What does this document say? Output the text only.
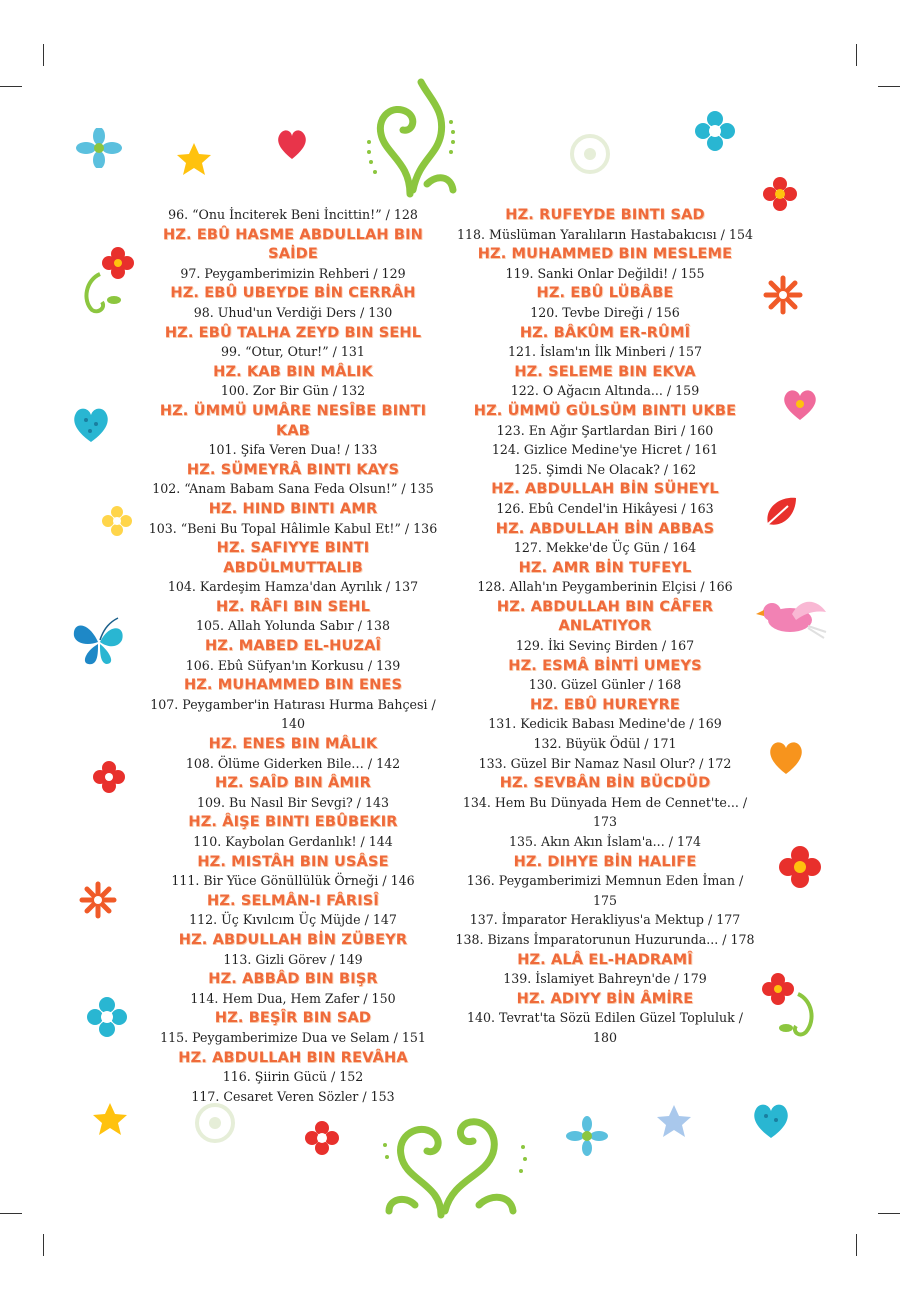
96. “Onu İnciterek Beni İncittin!” / 128
HZ. EBÛ HASME ABDULLAH BIN SAİDE
97. Peygamberimizin Rehberi / 129
HZ. EBÛ UBEYDE BİN CERRÂH
98. Uhud'un Verdiği Ders / 130
HZ. EBÛ TALHA ZEYD BIN SEHL
99. “Otur, Otur!” / 131
HZ. KAB BIN MÂLIK
100. Zor Bir Gün / 132
HZ. ÜMMÜ UMÂRE NESÎBE BINTI KAB
101. Şifa Veren Dua! / 133
HZ. SÜMEYRÂ BINTI KAYS
102. “Anam Babam Sana Feda Olsun!” / 135
HZ. HIND BINTI AMR
103. “Beni Bu Topal Hâlimle Kabul Et!” / 136
HZ. SAFIYYE BINTI ABDÜLMUTTALIB
104. Kardeşim Hamza'dan Ayrılık / 137
HZ. RÂFI BIN SEHL
105. Allah Yolunda Sabır / 138
HZ. MABED EL-HUZAÎ
106. Ebû Süfyan'ın Korkusu / 139
HZ. MUHAMMED BIN ENES
107. Peygamber'in Hatırası Hurma Bahçesi / 140
HZ. ENES BIN MÂLIK
108. Ölüme Giderken Bile… / 142
HZ. SAÎD BIN ÂMIR
109. Bu Nasıl Bir Sevgi? / 143
HZ. ÂIŞE BINTI EBÛBEKIR
110. Kaybolan Gerdanlık! / 144
HZ. MISTÂH BIN USÂSE
111. Bir Yüce Gönüllülük Örneği / 146
HZ. SELMÂN-I FÂRISÎ
112. Üç Kıvılcım Üç Müjde / 147
HZ. ABDULLAH BİN ZÜBEYR
113. Gizli Görev / 149
HZ. ABBÂD BIN BIŞR
114. Hem Dua, Hem Zafer / 150
HZ. BEŞÎR BIN SAD
115. Peygamberimize Dua ve Selam / 151
HZ. ABDULLAH BIN REVÂHA
116. Şiirin Gücü / 152
117. Cesaret Veren Sözler / 153
HZ. RUFEYDE BINTI SAD
118. Müslüman Yaralıların Hastabakıcısı / 154
HZ. MUHAMMED BIN MESLEME
119. Sanki Onlar Değildi! / 155
HZ. EBÛ LÜBÂBE
120. Tevbe Direği / 156
HZ. BÂKÛM ER-RÛMÎ
121. İslam'ın İlk Minberi / 157
HZ. SELEME BIN EKVA
122. O Ağacın Altında... / 159
HZ. ÜMMÜ GÜLSÜM BINTI UKBE
123. En Ağır Şartlardan Biri / 160
124. Gizlice Medine'ye Hicret / 161
125. Şimdi Ne Olacak? / 162
HZ. ABDULLAH BİN SÜHEYL
126. Ebû Cendel'in Hikâyesi / 163
HZ. ABDULLAH BİN ABBAS
127. Mekke'de Üç Gün / 164
HZ. AMR BİN TUFEYL
128. Allah'ın Peygamberinin Elçisi / 166
HZ. ABDULLAH BIN CÂFER ANLATIYOR
129. İki Sevinç Birden / 167
HZ. ESMÂ BİNTİ UMEYS
130. Güzel Günler / 168
HZ. EBÛ HUREYRE
131. Kedicik Babası Medine'de / 169
132. Büyük Ödül / 171
133. Güzel Bir Namaz Nasıl Olur? / 172
HZ. SEVBÂN BİN BÜCDÜD
134. Hem Bu Dünyada Hem de Cennet'te... / 173
135. Akın Akın İslam'a... / 174
HZ. DIHYE BİN HALIFE
136. Peygamberimizi Memnun Eden İman / 175
137. İmparator Herakliyus'a Mektup / 177
138. Bizans İmparatorunun Huzurunda... / 178
HZ. ALÂ EL-HADRAMÎ
139. İslamiyet Bahreyn'de / 179
HZ. ADIYY BİN ÂMİRE
140. Tevrat'ta Sözü Edilen Güzel Topluluk / 180
